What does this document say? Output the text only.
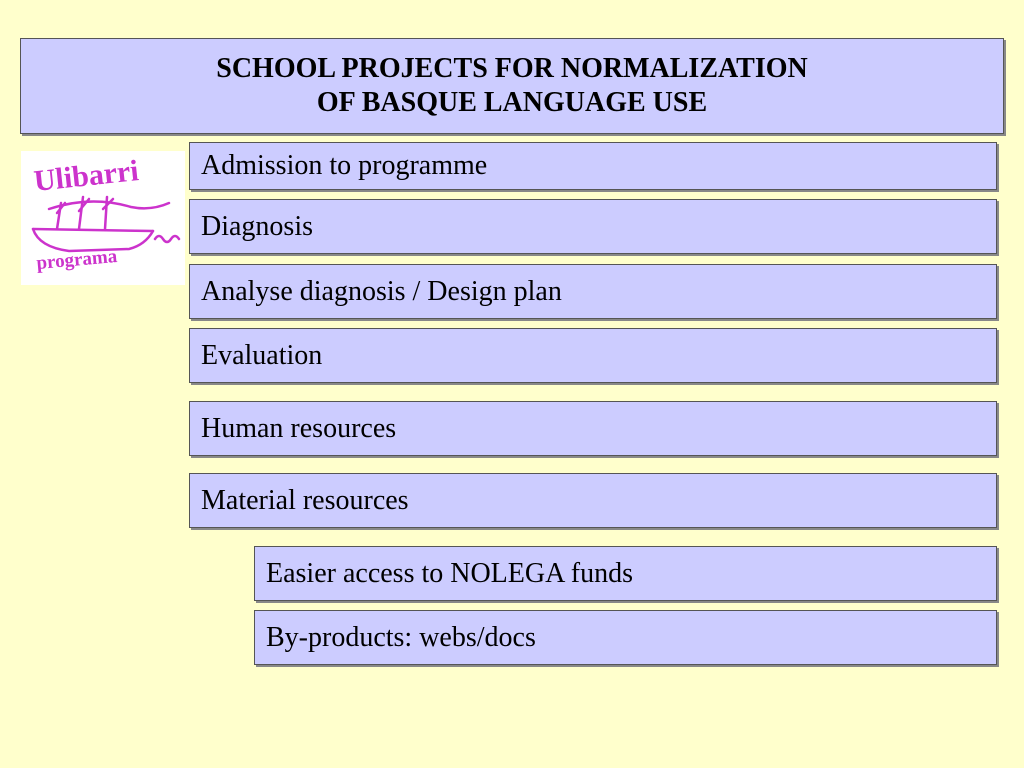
SCHOOL PROJECTS FOR NORMALIZATION
OF BASQUE LANGUAGE USE
Ulibarri
programa
Admission to programme
Diagnosis
Analyse diagnosis / Design plan
Evaluation
Human resources
Material resources
Easier access to NOLEGA funds
By-products: webs/docs
